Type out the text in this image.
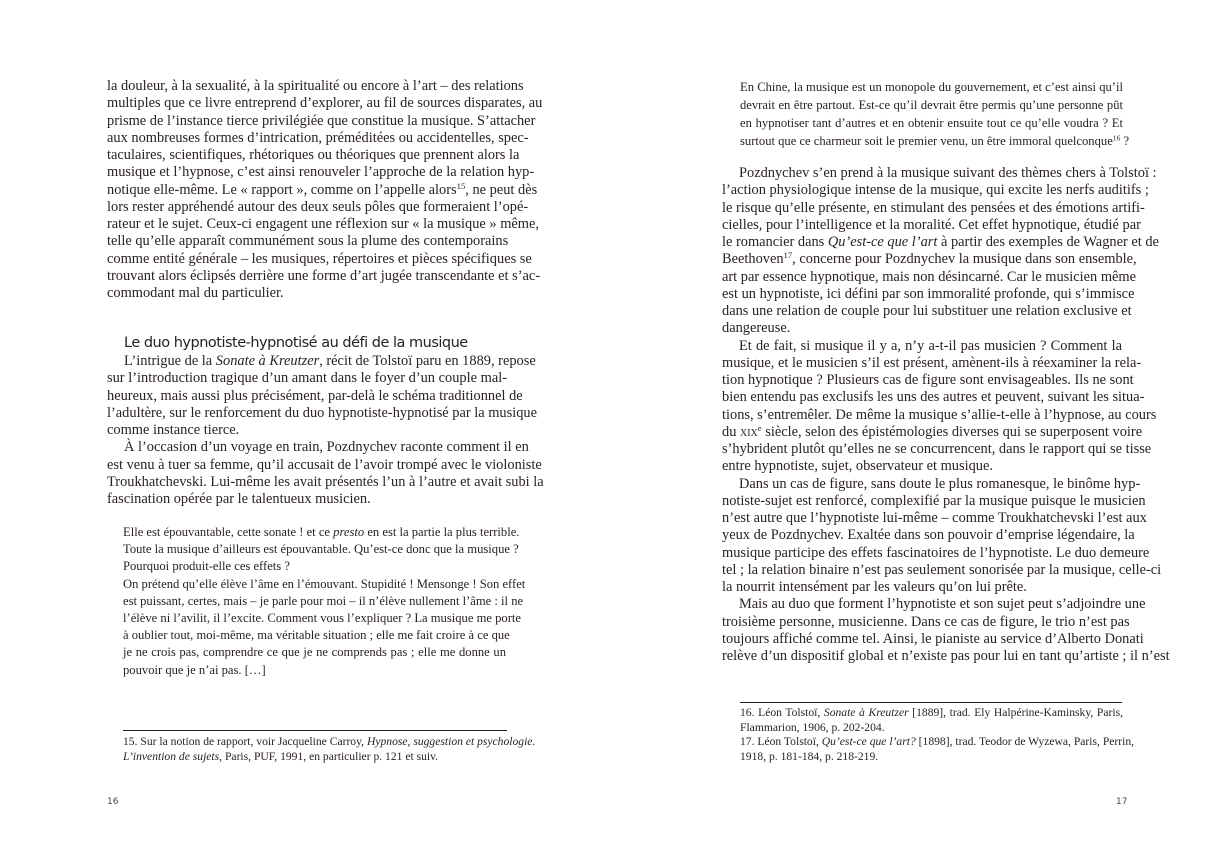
la douleur, à la sexualité, à la spiritualité ou encore à l’art – des relations
multiples que ce livre entreprend d’explorer, au fil de sources disparates, au
prisme de l’instance tierce privilégiée que constitue la musique. S’attacher
aux nombreuses formes d’intrication, préméditées ou accidentelles, spec-
taculaires, scientifiques, rhétoriques ou théoriques que prennent alors la
musique et l’hypnose, c’est ainsi renouveler l’approche de la relation hyp-
notique elle-même. Le « rapport », comme on l’appelle alors$^{15}$, ne peut dès
lors rester appréhendé autour des deux seuls pôles que formeraient l’opé-
rateur et le sujet. Ceux-ci engagent une réflexion sur « la musique » même,
telle qu’elle apparaît communément sous la plume des contemporains
comme entité générale – les musiques, répertoires et pièces spécifiques se
trouvant alors éclipsés derrière une forme d’art jugée transcendante et s’ac-
commodant mal du particulier.
Le duo hypnotiste-hypnotisé au défi de la musique
L’intrigue de la Sonate à Kreutzer, récit de Tolstoï paru en 1889, repose
sur l’introduction tragique d’un amant dans le foyer d’un couple mal-
heureux, mais aussi plus précisément, par-delà le schéma traditionnel de
l’adultère, sur le renforcement du duo hypnotiste-hypnotisé par la musique
comme instance tierce.
À l’occasion d’un voyage en train, Pozdnychev raconte comment il en
est venu à tuer sa femme, qu’il accusait de l’avoir trompé avec le violoniste
Troukhatchevski. Lui-même les avait présentés l’un à l’autre et avait subi la
fascination opérée par le talentueux musicien.
Elle est épouvantable, cette sonate ! et ce presto en est la partie la plus terrible.
Toute la musique d’ailleurs est épouvantable. Qu’est-ce donc que la musique ?
Pourquoi produit-elle ces effets ?
On prétend qu’elle élève l’âme en l’émouvant. Stupidité ! Mensonge ! Son effet
est puissant, certes, mais – je parle pour moi – il n’élève nullement l’âme : il ne
l’élève ni l’avilit, il l’excite. Comment vous l’expliquer ? La musique me porte
à oublier tout, moi-même, ma véritable situation ; elle me fait croire à ce que
je ne crois pas, comprendre ce que je ne comprends pas ; elle me donne un
pouvoir que je n’ai pas. […]
15. Sur la notion de rapport, voir Jacqueline Carroy, Hypnose, suggestion et psychologie.
L’invention de sujets, Paris, PUF, 1991, en particulier p. 121 et suiv.
16
En Chine, la musique est un monopole du gouvernement, et c’est ainsi qu’il
devrait en être partout. Est-ce qu’il devrait être permis qu’une personne pût
en hypnotiser tant d’autres et en obtenir ensuite tout ce qu’elle voudra ? Et
surtout que ce charmeur soit le premier venu, un être immoral quelconque$^{16}$ ?
Pozdnychev s’en prend à la musique suivant des thèmes chers à Tolstoï :
l’action physiologique intense de la musique, qui excite les nerfs auditifs ;
le risque qu’elle présente, en stimulant des pensées et des émotions artifi-
cielles, pour l’intelligence et la moralité. Cet effet hypnotique, étudié par
le romancier dans Qu’est-ce que l’art à partir des exemples de Wagner et de
Beethoven$^{17}$, concerne pour Pozdnychev la musique dans son ensemble,
art par essence hypnotique, mais non désincarné. Car le musicien même
est un hypnotiste, ici défini par son immoralité profonde, qui s’immisce
dans une relation de couple pour lui substituer une relation exclusive et
dangereuse.
Et de fait, si musique il y a, n’y a-t-il pas musicien ? Comment la
musique, et le musicien s’il est présent, amènent-ils à réexaminer la rela-
tion hypnotique ? Plusieurs cas de figure sont envisageables. Ils ne sont
bien entendu pas exclusifs les uns des autres et peuvent, suivant les situa-
tions, s’entremêler. De même la musique s’allie-t-elle à l’hypnose, au cours
du xix$^e$ siècle, selon des épistémologies diverses qui se superposent voire
s’hybrident plutôt qu’elles ne se concurrencent, dans le rapport qui se tisse
entre hypnotiste, sujet, observateur et musique.
Dans un cas de figure, sans doute le plus romanesque, le binôme hyp-
notiste-sujet est renforcé, complexifié par la musique puisque le musicien
n’est autre que l’hypnotiste lui-même – comme Troukhatchevski l’est aux
yeux de Pozdnychev. Exaltée dans son pouvoir d’emprise légendaire, la
musique participe des effets fascinatoires de l’hypnotiste. Le duo demeure
tel ; la relation binaire n’est pas seulement sonorisée par la musique, celle-ci
la nourrit intensément par les valeurs qu’on lui prête.
Mais au duo que forment l’hypnotiste et son sujet peut s’adjoindre une
troisième personne, musicienne. Dans ce cas de figure, le trio n’est pas
toujours affiché comme tel. Ainsi, le pianiste au service d’Alberto Donati
relève d’un dispositif global et n’existe pas pour lui en tant qu’artiste ; il n’est
16. Léon Tolstoï, Sonate à Kreutzer [1889], trad. Ely Halpérine-Kaminsky, Paris,
Flammarion, 1906, p. 202-204.
17. Léon Tolstoï, Qu’est-ce que l’art? [1898], trad. Teodor de Wyzewa, Paris, Perrin,
1918, p. 181-184, p. 218-219.
17
